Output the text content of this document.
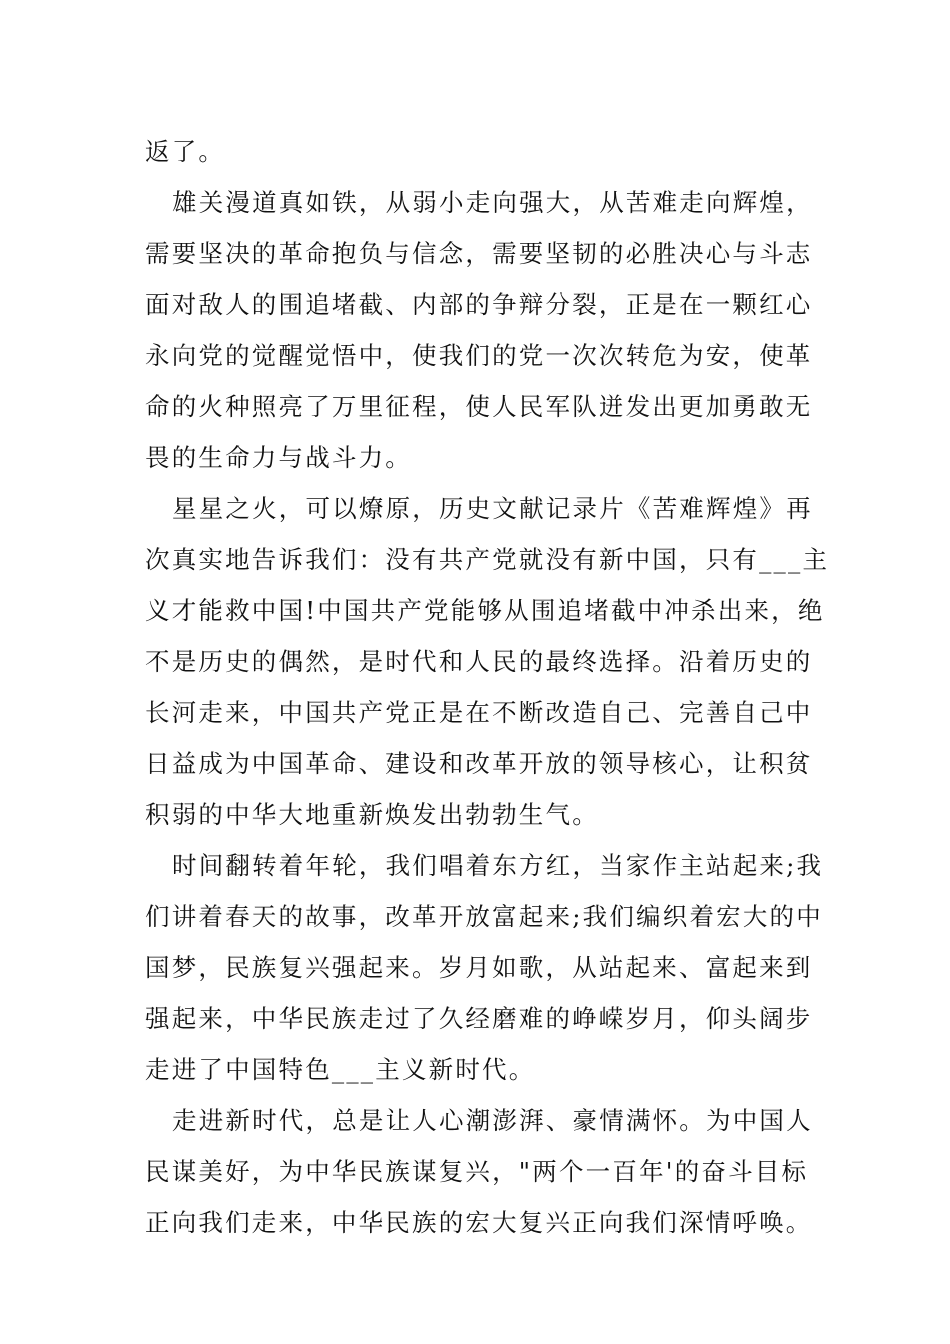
返了。
雄关漫道真如铁，从弱小走向强大，从苦难走向辉煌，
需要坚决的革命抱负与信念，需要坚韧的必胜决心与斗志
面对敌人的围追堵截、内部的争辩分裂，正是在一颗红心
永向党的觉醒觉悟中，使我们的党一次次转危为安，使革
命的火种照亮了万里征程，使人民军队迸发出更加勇敢无
畏的生命力与战斗力。
星星之火，可以燎原，历史文献记录片《苦难辉煌》再
次真实地告诉我们：没有共产党就没有新中国，只有___主
义才能救中国!中国共产党能够从围追堵截中冲杀出来，绝
不是历史的偶然，是时代和人民的最终选择。沿着历史的
长河走来，中国共产党正是在不断改造自己、完善自己中
日益成为中国革命、建设和改革开放的领导核心，让积贫
积弱的中华大地重新焕发出勃勃生气。
时间翻转着年轮，我们唱着东方红，当家作主站起来;我
们讲着春天的故事，改革开放富起来;我们编织着宏大的中
国梦，民族复兴强起来。岁月如歌，从站起来、富起来到
强起来，中华民族走过了久经磨难的峥嵘岁月，仰头阔步
走进了中国特色___主义新时代。
走进新时代，总是让人心潮澎湃、豪情满怀。为中国人
民谋美好，为中华民族谋复兴，"两个一百年'的奋斗目标
正向我们走来，中华民族的宏大复兴正向我们深情呼唤。
